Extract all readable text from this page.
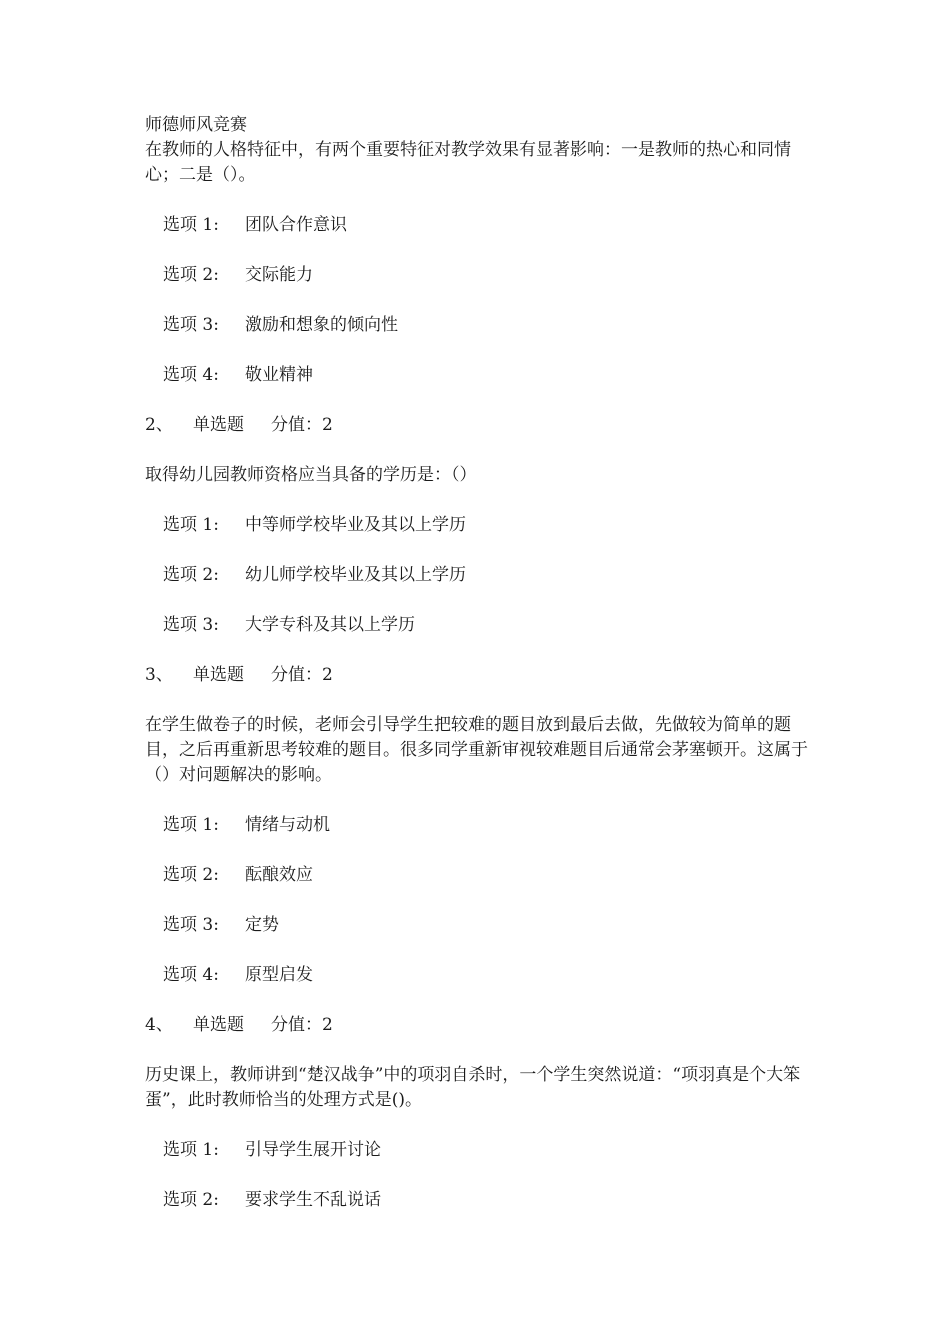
师德师风竞赛

在教师的人格特征中，有两个重要特征对教学效果有显著影响：一是教师的热心和同情心；二是（）。

选项 1: 团队合作意识
选项 2: 交际能力
选项 3: 激励和想象的倾向性
选项 4: 敬业精神

2、 单选题 分值：2

取得幼儿园教师资格应当具备的学历是：（）

选项 1: 中等师学校毕业及其以上学历
选项 2: 幼儿师学校毕业及其以上学历
选项 3: 大学专科及其以上学历

3、 单选题 分值：2

在学生做卷子的时候，老师会引导学生把较难的题目放到最后去做，先做较为简单的题目，之后再重新思考较难的题目。很多同学重新审视较难题目后通常会茅塞顿开。这属于（）对问题解决的影响。

选项 1: 情绪与动机
选项 2: 酝酿效应
选项 3: 定势
选项 4: 原型启发

4、 单选题 分值：2

历史课上，教师讲到“楚汉战争”中的项羽自杀时，一个学生突然说道：“项羽真是个大笨蛋”，此时教师恰当的处理方式是()。

选项 1: 引导学生展开讨论
选项 2: 要求学生不乱说话
